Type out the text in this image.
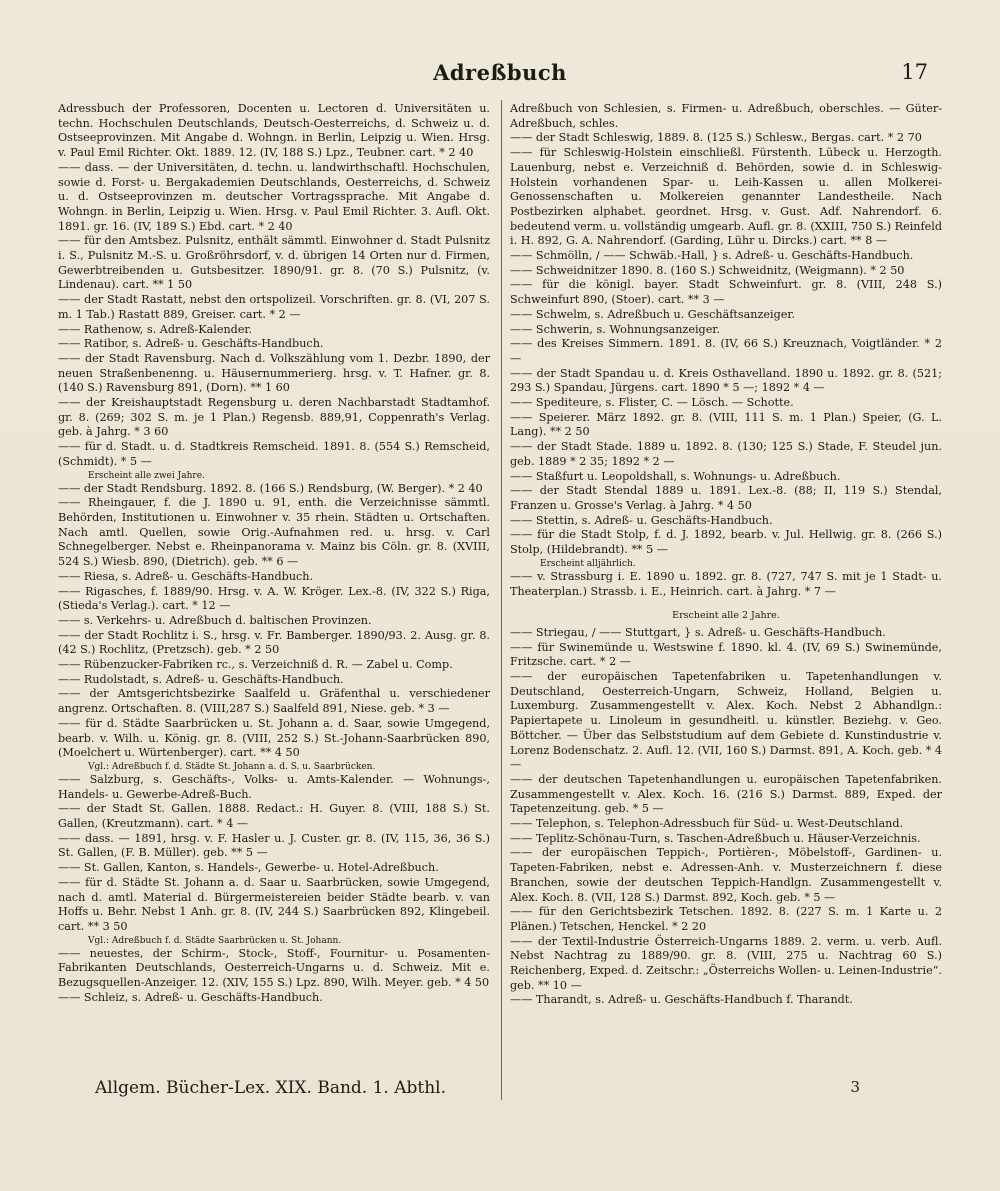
Adreßbuch	17

Adressbuch der Professoren, Docenten u. Lectoren d. Universitäten u. techn. Hochschulen Deutschlands, Deutsch-Oesterreichs, d. Schweiz u. d. Ostseeprovinzen. Mit Angabe d. Wohngn. in Berlin, Leipzig u. Wien. Hrsg. v. Paul Emil Richter. Okt. 1889. 12. (IV, 188 S.) Lpz., Teubner. cart. * 2 40

—— dass. — der Universitäten, d. techn. u. landwirthschaftl. Hochschulen, sowie d. Forst- u. Bergakademien Deutschlands, Oesterreichs, d. Schweiz u. d. Ostseeprovinzen m. deutscher Vortragssprache. Mit Angabe d. Wohngn. in Berlin, Leipzig u. Wien. Hrsg. v. Paul Emil Richter. 3. Aufl. Okt. 1891. gr. 16. (IV, 189 S.) Ebd. cart. * 2 40

—— für den Amtsbez. Pulsnitz, enthält sämmtl. Einwohner d. Stadt Pulsnitz i. S., Pulsnitz M.-S. u. Großröhrsdorf, v. d. übrigen 14 Orten nur d. Firmen, Gewerbtreibenden u. Gutsbesitzer. 1890/91. gr. 8. (70 S.) Pulsnitz, (v. Lindenau). cart. ** 1 50

—— der Stadt Rastatt, nebst den ortspolizeil. Vorschriften. gr. 8. (VI, 207 S. m. 1 Tab.) Rastatt 889, Greiser. cart. * 2 —

—— Rathenow, s. Adreß-Kalender.

—— Ratibor, s. Adreß- u. Geschäfts-Handbuch.

—— der Stadt Ravensburg. Nach d. Volkszählung vom 1. Dezbr. 1890, der neuen Straßenbenenng. u. Häusernummerierg. hrsg. v. T. Hafner. gr. 8. (140 S.) Ravensburg 891, (Dorn). ** 1 60

—— der Kreishauptstadt Regensburg u. deren Nachbarstadt Stadtamhof. gr. 8. (269; 302 S. m. je 1 Plan.) Regensb. 889,91, Coppenrath's Verlag. geb. à Jahrg. * 3 60

—— für d. Stadt. u. d. Stadtkreis Remscheid. 1891. 8. (554 S.) Remscheid, (Schmidt). * 5 —

Erscheint alle zwei Jahre.

—— der Stadt Rendsburg. 1892. 8. (166 S.) Rendsburg, (W. Berger). * 2 40

—— Rheingauer, f. die J. 1890 u. 91, enth. die Verzeichnisse sämmtl. Behörden, Institutionen u. Einwohner v. 35 rhein. Städten u. Ortschaften. Nach amtl. Quellen, sowie Orig.-Aufnahmen red. u. hrsg. v. Carl Schnegelberger. Nebst e. Rheinpanorama v. Mainz bis Cöln. gr. 8. (XVIII, 524 S.) Wiesb. 890, (Dietrich). geb. ** 6 —

—— Riesa, s. Adreß- u. Geschäfts-Handbuch.

—— Rigasches, f. 1889/90. Hrsg. v. A. W. Kröger. Lex.-8. (IV, 322 S.) Riga, (Stieda's Verlag.). cart. * 12 —

—— s. Verkehrs- u. Adreßbuch d. baltischen Provinzen.

—— der Stadt Rochlitz i. S., hrsg. v. Fr. Bamberger. 1890/93. 2. Ausg. gr. 8. (42 S.) Rochlitz, (Pretzsch). geb. * 2 50

—— Rübenzucker-Fabriken rc., s. Verzeichniß d. R. — Zabel u. Comp.

—— Rudolstadt, s. Adreß- u. Geschäfts-Handbuch.

—— der Amtsgerichtsbezirke Saalfeld u. Gräfenthal u. verschiedener angrenz. Ortschaften. 8. (VIII,287 S.) Saalfeld 891, Niese. geb. * 3 —

—— für d. Städte Saarbrücken u. St. Johann a. d. Saar, sowie Umgegend, bearb. v. Wilh. u. König. gr. 8. (VIII, 252 S.) St.-Johann-Saarbrücken 890, (Moelchert u. Würtenberger). cart. ** 4 50

Vgl.: Adreßbuch f. d. Städte St. Johann a. d. S. u. Saarbrücken.

—— Salzburg, s. Geschäfts-, Volks- u. Amts-Kalender. — Wohnungs-, Handels- u. Gewerbe-Adreß-Buch.

—— der Stadt St. Gallen. 1888. Redact.: H. Guyer. 8. (VIII, 188 S.) St. Gallen, (Kreutzmann). cart. * 4 —

—— dass. — 1891, hrsg. v. F. Hasler u. J. Custer. gr. 8. (IV, 115, 36, 36 S.) St. Gallen, (F. B. Müller). geb. ** 5 —

—— St. Gallen, Kanton, s. Handels-, Gewerbe- u. Hotel-Adreßbuch.

—— für d. Städte St. Johann a. d. Saar u. Saarbrücken, sowie Umgegend, nach d. amtl. Material d. Bürgermeistereien beider Städte bearb. v. van Hoffs u. Behr. Nebst 1 Anh. gr. 8. (IV, 244 S.) Saarbrücken 892, Klingebeil. cart. ** 3 50

Vgl.: Adreßbuch f. d. Städte Saarbrücken u. St. Johann.

—— neuestes, der Schirm-, Stock-, Stoff-, Fournitur- u. Posamenten-Fabrikanten Deutschlands, Oesterreich-Ungarns u. d. Schweiz. Mit e. Bezugsquellen-Anzeiger. 12. (XIV, 155 S.) Lpz. 890, Wilh. Meyer. geb. * 4 50

—— Schleiz, s. Adreß- u. Geschäfts-Handbuch.

Adreßbuch von Schlesien, s. Firmen- u. Adreßbuch, oberschles. — Güter-Adreßbuch, schles.

—— der Stadt Schleswig, 1889. 8. (125 S.) Schlesw., Bergas. cart. * 2 70

—— für Schleswig-Holstein einschließl. Fürstenth. Lübeck u. Herzogth. Lauenburg, nebst e. Verzeichniß d. Behörden, sowie d. in Schleswig-Holstein vorhandenen Spar- u. Leih-Kassen u. allen Molkerei-Genossenschaften u. Molkereien genannter Landestheile. Nach Postbezirken alphabet. geordnet. Hrsg. v. Gust. Adf. Nahrendorf. 6. bedeutend verm. u. vollständig umgearb. Aufl. gr. 8. (XXIII, 750 S.) Reinfeld i. H. 892, G. A. Nahrendorf. (Garding, Lühr u. Dircks.) cart. ** 8 —

—— Schmölln, / —— Schwäb.-Hall, } s. Adreß- u. Geschäfts-Handbuch.

—— Schweidnitzer 1890. 8. (160 S.) Schweidnitz, (Weigmann). * 2 50

—— für die königl. bayer. Stadt Schweinfurt. gr. 8. (VIII, 248 S.) Schweinfurt 890, (Stoer). cart. ** 3 —

—— Schwelm, s. Adreßbuch u. Geschäftsanzeiger.

—— Schwerin, s. Wohnungsanzeiger.

—— des Kreises Simmern. 1891. 8. (IV, 66 S.) Kreuznach, Voigtländer. * 2 —

—— der Stadt Spandau u. d. Kreis Osthavelland. 1890 u. 1892. gr. 8. (521; 293 S.) Spandau, Jürgens. cart. 1890 * 5 —; 1892 * 4 —

—— Spediteure, s. Flister, C. — Lösch. — Schotte.

—— Speierer. März 1892. gr. 8. (VIII, 111 S. m. 1 Plan.) Speier, (G. L. Lang). ** 2 50

—— der Stadt Stade. 1889 u. 1892. 8. (130; 125 S.) Stade, F. Steudel jun. geb. 1889 * 2 35; 1892 * 2 —

—— Staßfurt u. Leopoldshall, s. Wohnungs- u. Adreßbuch.

—— der Stadt Stendal 1889 u. 1891. Lex.-8. (88; II, 119 S.) Stendal, Franzen u. Grosse's Verlag. à Jahrg. * 4 50

—— Stettin, s. Adreß- u. Geschäfts-Handbuch.

—— für die Stadt Stolp, f. d. J. 1892, bearb. v. Jul. Hellwig. gr. 8. (266 S.) Stolp, (Hildebrandt). ** 5 —

Erscheint alljährlich.

—— v. Strassburg i. E. 1890 u. 1892. gr. 8. (727, 747 S. mit je 1 Stadt- u. Theaterplan.) Strassb. i. E., Heinrich. cart. à Jahrg. * 7 —

Erscheint alle 2 Jahre.

—— Striegau, / —— Stuttgart, } s. Adreß- u. Geschäfts-Handbuch.

—— für Swinemünde u. Westswine f. 1890. kl. 4. (IV, 69 S.) Swinemünde, Fritzsche. cart. * 2 —

—— der europäischen Tapetenfabriken u. Tapetenhandlungen v. Deutschland, Oesterreich-Ungarn, Schweiz, Holland, Belgien u. Luxemburg. Zusammengestellt v. Alex. Koch. Nebst 2 Abhandlgn.: Papiertapete u. Linoleum in gesundheitl. u. künstler. Beziehg. v. Geo. Böttcher. — Über das Selbststudium auf dem Gebiete d. Kunstindustrie v. Lorenz Bodenschatz. 2. Aufl. 12. (VII, 160 S.) Darmst. 891, A. Koch. geb. * 4 —

—— der deutschen Tapetenhandlungen u. europäischen Tapetenfabriken. Zusammengestellt v. Alex. Koch. 16. (216 S.) Darmst. 889, Exped. der Tapetenzeitung. geb. * 5 —

—— Telephon, s. Telephon-Adressbuch für Süd- u. West-Deutschland.

—— Teplitz-Schönau-Turn, s. Taschen-Adreßbuch u. Häuser-Verzeichnis.

—— der europäischen Teppich-, Portièren-, Möbelstoff-, Gardinen- u. Tapeten-Fabriken, nebst e. Adressen-Anh. v. Musterzeichnern f. diese Branchen, sowie der deutschen Teppich-Handlgn. Zusammengestellt v. Alex. Koch. 8. (VII, 128 S.) Darmst. 892, Koch. geb. * 5 —

—— für den Gerichtsbezirk Tetschen. 1892. 8. (227 S. m. 1 Karte u. 2 Plänen.) Tetschen, Henckel. * 2 20

—— der Textil-Industrie Österreich-Ungarns 1889. 2. verm. u. verb. Aufl. Nebst Nachtrag zu 1889/90. gr. 8. (VIII, 275 u. Nachtrag 60 S.) Reichenberg, Exped. d. Zeitschr.: „Österreichs Wollen- u. Leinen-Industrie“. geb. ** 10 —

—— Tharandt, s. Adreß- u. Geschäfts-Handbuch f. Tharandt.

Allgem. Bücher-Lex. XIX. Band. 1. Abthl.	3
